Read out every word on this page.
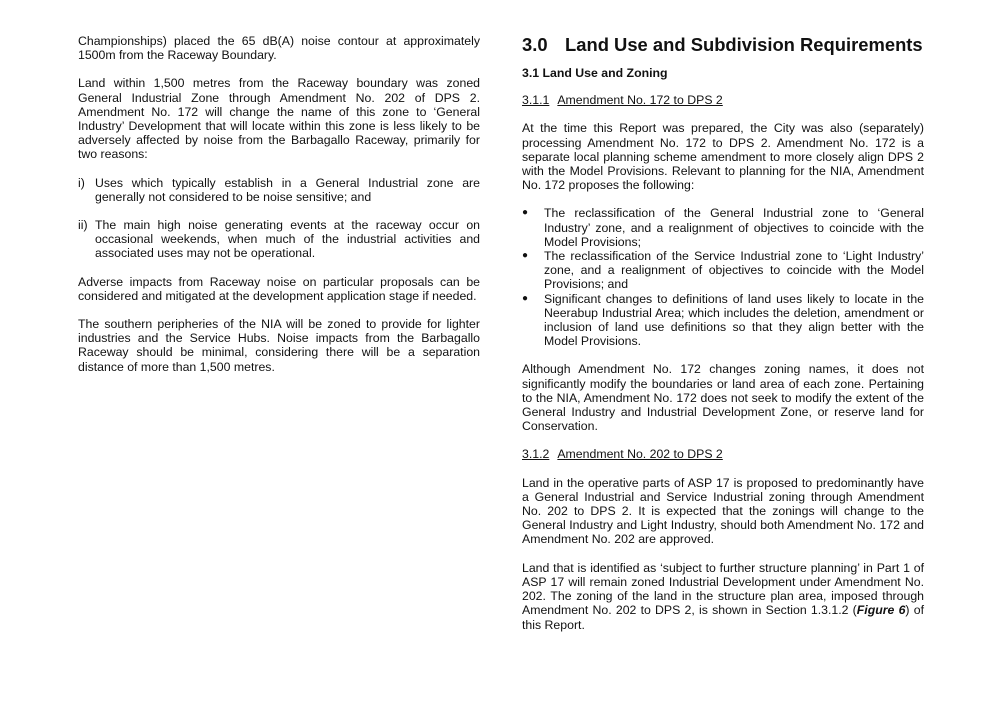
Championships) placed the 65 dB(A) noise contour at approximately 1500m from the Raceway Boundary.

Land within 1,500 metres from the Raceway boundary was zoned General Industrial Zone through Amendment No. 202 of DPS 2. Amendment No. 172 will change the name of this zone to ‘General Industry’ Development that will locate within this zone is less likely to be adversely affected by noise from the Barbagallo Raceway, primarily for two reasons:

i) Uses which typically establish in a General Industrial zone are generally not considered to be noise sensitive; and
ii) The main high noise generating events at the raceway occur on occasional weekends, when much of the industrial activities and associated uses may not be operational.

Adverse impacts from Raceway noise on particular proposals can be considered and mitigated at the development application stage if needed.

The southern peripheries of the NIA will be zoned to provide for lighter industries and the Service Hubs. Noise impacts from the Barbagallo Raceway should be minimal, considering there will be a separation distance of more than 1,500 metres.

3.0 Land Use and Subdivision Requirements
3.1 Land Use and Zoning
3.1.1 Amendment No. 172 to DPS 2

At the time this Report was prepared, the City was also (separately) processing Amendment No. 172 to DPS 2. Amendment No. 172 is a separate local planning scheme amendment to more closely align DPS 2 with the Model Provisions. Relevant to planning for the NIA, Amendment No. 172 proposes the following:

●	The reclassification of the General Industrial zone to ‘General Industry’ zone, and a realignment of objectives to coincide with the Model Provisions;
●	The reclassification of the Service Industrial zone to ‘Light Industry’ zone, and a realignment of objectives to coincide with the Model Provisions; and
●	Significant changes to definitions of land uses likely to locate in the Neerabup Industrial Area; which includes the deletion, amendment or inclusion of land use definitions so that they align better with the Model Provisions.

Although Amendment No. 172 changes zoning names, it does not significantly modify the boundaries or land area of each zone. Pertaining to the NIA, Amendment No. 172 does not seek to modify the extent of the General Industry and Industrial Development Zone, or reserve land for Conservation.

3.1.2 Amendment No. 202 to DPS 2

Land in the operative parts of ASP 17 is proposed to predominantly have a General Industrial and Service Industrial zoning through Amendment No. 202 to DPS 2. It is expected that the zonings will change to the General Industry and Light Industry, should both Amendment No. 172 and Amendment No. 202 are approved.

Land that is identified as ‘subject to further structure planning’ in Part 1 of ASP 17 will remain zoned Industrial Development under Amendment No. 202. The zoning of the land in the structure plan area, imposed through Amendment No. 202 to DPS 2, is shown in Section 1.3.1.2 (Figure 6) of this Report.
